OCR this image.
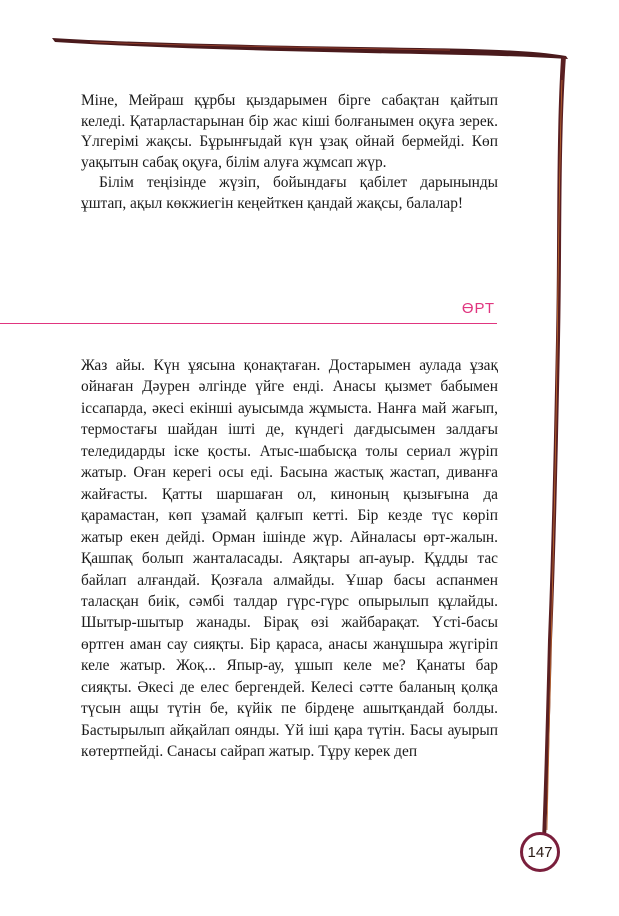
Міне, Мейраш құрбы қыздарымен бірге сабақтан қайтып келеді. Қатарластарынан бір жас кіші болғанымен оқуға зерек. Үлгерімі жақсы. Бұрынғыдай күн ұзақ ойнай бермейді. Көп уақытын сабақ оқуға, білім алуға жұмсап жүр.

Білім теңізінде жүзіп, бойындағы қабілет дарынынды ұштап, ақыл көкжиегін кеңейткен қандай жақсы, балалар!

ӨРТ

Жаз айы. Күн ұясына қонақтаған. Достарымен аулада ұзақ ойнаған Дәурен әлгінде үйге енді. Анасы қызмет бабымен іссапарда, әкесі екінші ауысымда жұмыста. Нанға май жағып, термостағы шайдан ішті де, күндегі дағдысымен залдағы теледидарды іске қосты. Атыс-шабысқа толы сериал жүріп жатыр. Оған керегі осы еді. Басына жастық жастап, диванға жайғасты. Қатты шаршаған ол, киноның қызығына да қарамастан, көп ұзамай қалғып кетті. Бір кезде түс көріп жатыр екен дейді. Орман ішінде жүр. Айналасы өрт-жалын. Қашпақ болып жанталасады. Аяқтары ап-ауыр. Құдды тас байлап алғандай. Қозғала алмайды. Ұшар басы аспанмен таласқан биік, сәмбі талдар гүрс-гүрс опырылып құлайды. Шытыр-шытыр жанады. Бірақ өзі жайбарақат. Үсті-басы өртген аман сау сияқты. Бір қараса, анасы жанұшыра жүгіріп келе жатыр. Жоқ... Япыр-ау, ұшып келе ме? Қанаты бар сияқты. Әкесі де елес бергендей. Келесі сәтте баланың қолқа түсын ащы түтін бе, күйік пе бірдеңе ашытқандай болды. Бастырылып айқайлап оянды. Үй іші қара түтін. Басы ауырып көтертпейді. Санасы сайрап жатыр. Тұру керек деп

147
